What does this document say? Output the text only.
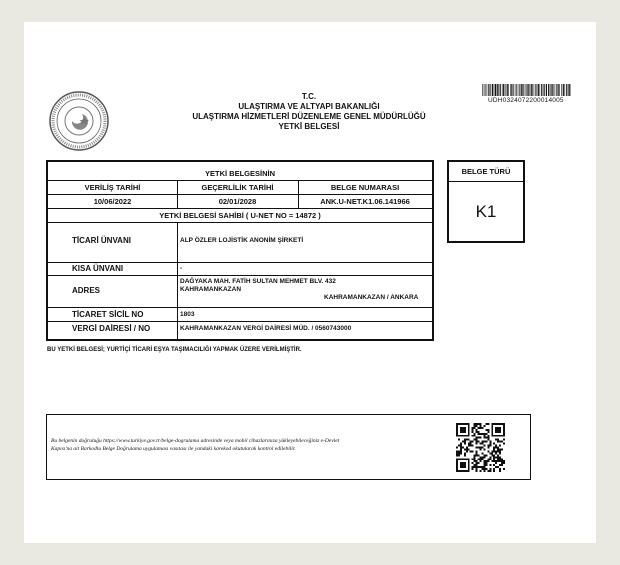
T.C.
ULAŞTIRMA VE ALTYAPI BAKANLIĞI
ULAŞTIRMA HİZMETLERİ DÜZENLEME GENEL MÜDÜRLÜĞÜ
YETKİ BELGESİ
UDH0324072200014005
YETKİ BELGESİNİN
VERİLİŞ TARİHİ	GEÇERLİLİK TARİHİ	BELGE NUMARASI
10/06/2022	02/01/2028	ANK.U-NET.K1.06.141966
YETKİ BELGESİ SAHİBİ ( U-NET NO = 14872 )
TİCARİ ÜNVANI	ALP ÖZLER LOJİSTİK ANONİM ŞİRKETİ
KISA ÜNVANI	-
ADRES
DAĞYAKA MAH. FATİH SULTAN MEHMET BLV. 432
KAHRAMANKAZAN
KAHRAMANKAZAN / ANKARA
TİCARET SİCİL NO	1803
VERGİ DAİRESİ / NO	KAHRAMANKAZAN VERGİ DAİRESİ MÜD. / 0560743000
BELGE TÜRÜ
K1
BU YETKİ BELGESİ; YURTİÇİ TİCARİ EŞYA TAŞIMACILIĞI YAPMAK ÜZERE VERİLMİŞTİR.
Bu belgenin doğruluğu https://www.turkiye.gov.tr/belge-dogrulama adresinde veya mobil cihazlarınıza yükleyebileceğiniz e-Devlet
Kapısı'na ait Barkodlu Belge Doğrulama uygulaması vasıtası ile yandaki karekod okutularak kontrol edilebilir.
